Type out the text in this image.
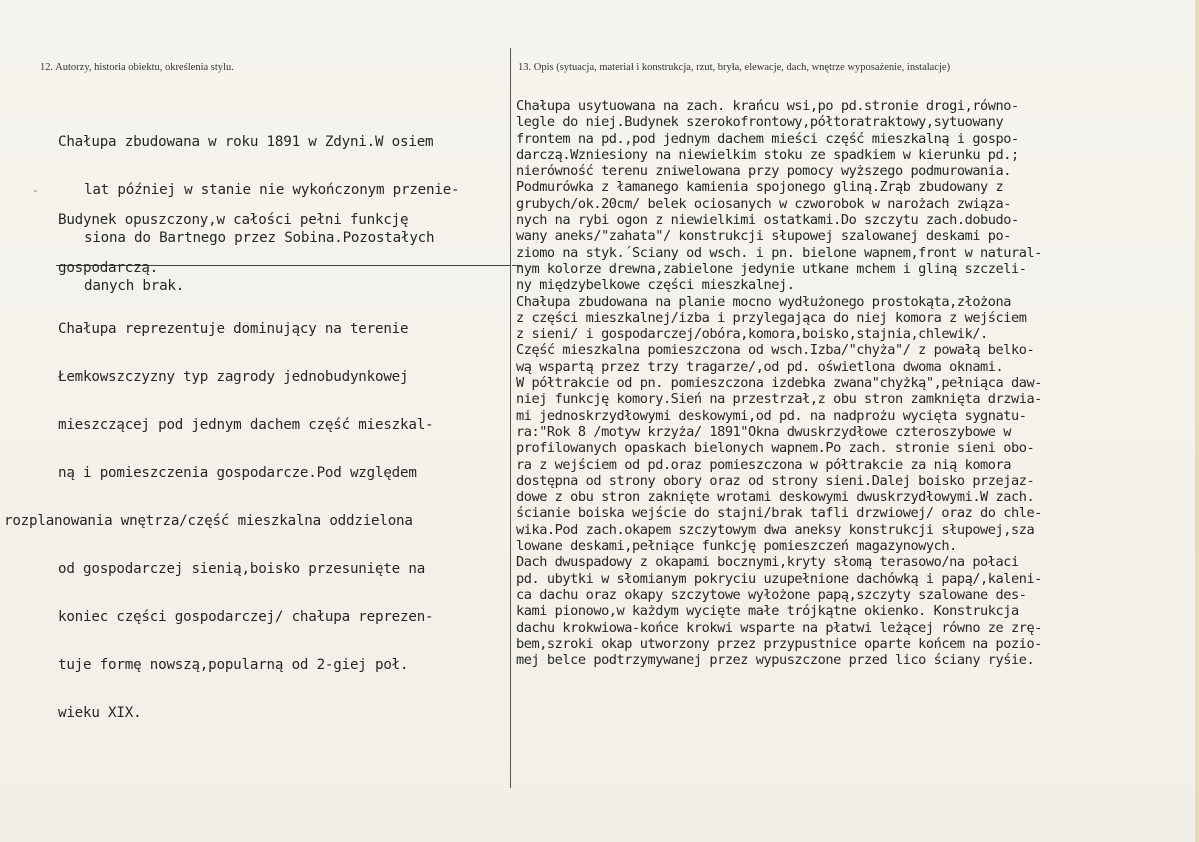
12. Autorzy, historia obiektu, określenia stylu.	13. Opis (sytuacja, materiał i konstrukcja, rzut, bryła, elewacje, dach, wnętrze wyposażenie, instalacje)

Chałupa zbudowana w roku 1891 w Zdyni.W osiem

lat później w stanie nie wykończonym przenie-

siona do Bartnego przez Sobina.Pozostałych

danych brak.

-

Budynek opuszczony,w całości pełni funkcję

gospodarczą.

Chałupa reprezentuje dominujący na terenie

Łemkowszczyzny typ zagrody jednobudynkowej

mieszczącej pod jednym dachem część mieszkal-

ną i pomieszczenia gospodarcze.Pod względem

rozplanowania wnętrza/część mieszkalna oddzielona

od gospodarczej sienią,boisko przesunięte na

koniec części gospodarczej/ chałupa reprezen-

tuje formę nowszą,popularną od 2-giej poł.

wieku XIX.

Chałupa usytuowana na zach. krańcu wsi,po pd.stronie drogi,równo-
legle do niej.Budynek szerokofrontowy,półtoratraktowy,sytuowany
frontem na pd.,pod jednym dachem mieści część mieszkalną i gospo-
darczą.Wzniesiony na niewielkim stoku ze spadkiem w kierunku pd.;
nierówność terenu zniwelowana przy pomocy wyższego podmurowania.
Podmurówka z łamanego kamienia spojonego gliną.Zrąb zbudowany z
grubych/ok.20cm/ belek ociosanych w czworobok w narożach związa-
nych na rybi ogon z niewielkimi ostatkami.Do szczytu zach.dobudo-
wany aneks/"zahata"/ konstrukcji słupowej szalowanej deskami po-
ziomo na styk.´Sciany od wsch. i pn. bielone wapnem,front w natural-
nym kolorze drewna,zabielone jedynie utkane mchem i gliną szczeli-
ny międzybelkowe części mieszkalnej.
Chałupa zbudowana na planie mocno wydłużonego prostokąta,złożona
z części mieszkalnej/izba i przylegająca do niej komora z wejściem
z sieni/ i gospodarczej/obóra,komora,boisko,stajnia,chlewik/.
Część mieszkalna pomieszczona od wsch.Izba/"chyża"/ z powałą belko-
wą wspartą przez trzy tragarze/,od pd. oświetlona dwoma oknami.
W półtrakcie od pn. pomieszczona izdebka zwana"chyżką",pełniąca daw-
niej funkcję komory.Sień na przestrzał,z obu stron zamknięta drzwia-
mi jednoskrzydłowymi deskowymi,od pd. na nadprożu wycięta sygnatu-
ra:"Rok 8 /motyw krzyża/ 1891"Okna dwuskrzydłowe czteroszybowe w
profilowanych opaskach bielonych wapnem.Po zach. stronie sieni obo-
ra z wejściem od pd.oraz pomieszczona w półtrakcie za nią komora
dostępna od strony obory oraz od strony sieni.Dalej boisko przejaz-
dowe z obu stron zaknięte wrotami deskowymi dwuskrzydłowymi.W zach.
ścianie boiska wejście do stajni/brak tafli drzwiowej/ oraz do chle-
wika.Pod zach.okapem szczytowym dwa aneksy konstrukcji słupowej,sza
lowane deskami,pełniące funkcję pomieszczeń magazynowych.
Dach dwuspadowy z okapami bocznymi,kryty słomą terasowo/na połaci
pd. ubytki w słomianym pokryciu uzupełnione dachówką i papą/,kaleni-
ca dachu oraz okapy szczytowe wyłożone papą,szczyty szalowane des-
kami pionowo,w każdym wycięte małe trójkątne okienko. Konstrukcja
dachu krokwiowa-końce krokwi wsparte na płatwi leżącej równo ze zrę-
bem,szroki okap utworzony przez przypustnice oparte końcem na pozio-
mej belce podtrzymywanej przez wypuszczone przed lico ściany ryśie.
